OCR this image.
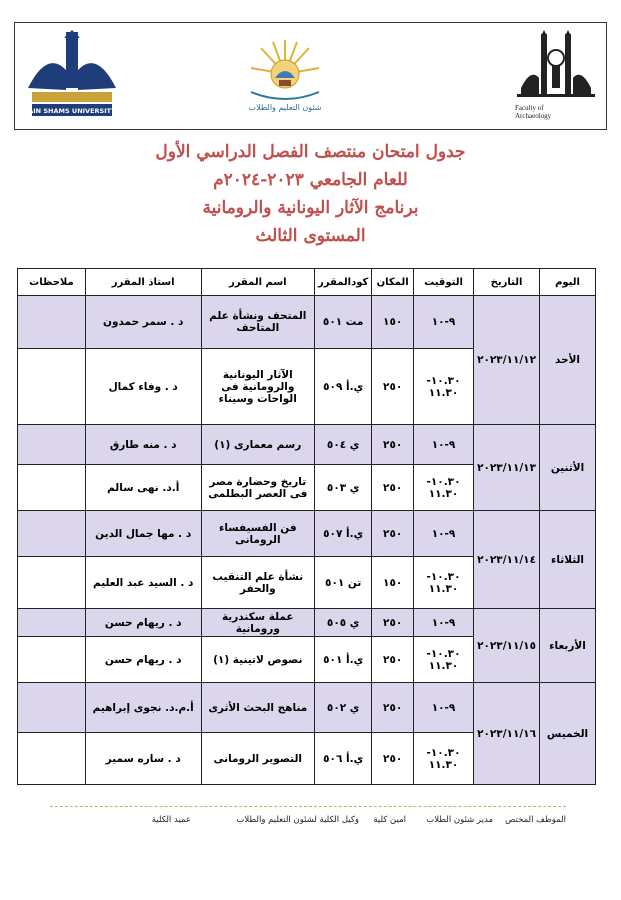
Faculty of
Archaeology
شئون التعليم والطلاب
AIN SHAMS UNIVERSITY

جدول امتحان منتصف الفصل الدراسي الأول

للعام الجامعي ٢٠٢٣-٢٠٢٤م

برنامج الآثار اليونانية والرومانية

المستوى الثالث

اليوم	التاريخ	التوقيت	المكان	كودالمقرر	اسم المقرر	استاذ المقرر	ملاحظات
الأحد	٢٠٢٣/١١/١٢	٩-١٠	١٥٠	مت ٥٠١	المتحف ونشأة علم المتاحف	د . سمر حمدون	
		١٠.٣٠- ١١.٣٠	٢٥٠	ي.أ ٥٠٩	الآثار اليونانية والرومانية فى الواحات وسيناء	د . وفاء كمال	
الأثنين	٢٠٢٣/١١/١٣	٩-١٠	٢٥٠	ي ٥٠٤	رسم معمارى (١)	د . منه طارق	
		١٠.٣٠- ١١.٣٠	٢٥٠	ي ٥٠٣	تاريخ وحضارة مصر فى العصر البطلمى	أ.د. نهى سالم	
الثلاثاء	٢٠٢٣/١١/١٤	٩-١٠	٢٥٠	ي.أ ٥٠٧	فن الفسيفساء الرومانى	د . مها جمال الدين	
		١٠.٣٠- ١١.٣٠	١٥٠	تن ٥٠١	نشأة علم التنقيب والحفر	د . السيد عبد العليم	
الأربعاء	٢٠٢٣/١١/١٥	٩-١٠	٢٥٠	ي ٥٠٥	عملة سكندرية ورومانية	د . ريهام حسن	
		١٠.٣٠- ١١.٣٠	٢٥٠	ي.أ ٥٠١	نصوص لاتينية (١)	د . ريهام حسن	
الخميس	٢٠٢٣/١١/١٦	٩-١٠	٢٥٠	ي ٥٠٢	مناهج البحث الأثرى	أ.م.د. نجوى إبراهيم	
		١٠.٣٠- ١١.٣٠	٢٥٠	ي.أ ٥٠٦	التصوير الرومانى	د . ساره سمير	
الموظف المختص
مدير شئون الطلاب
امين كلية
وكيل الكلية لشئون التعليم والطلاب
عميد الكلية
